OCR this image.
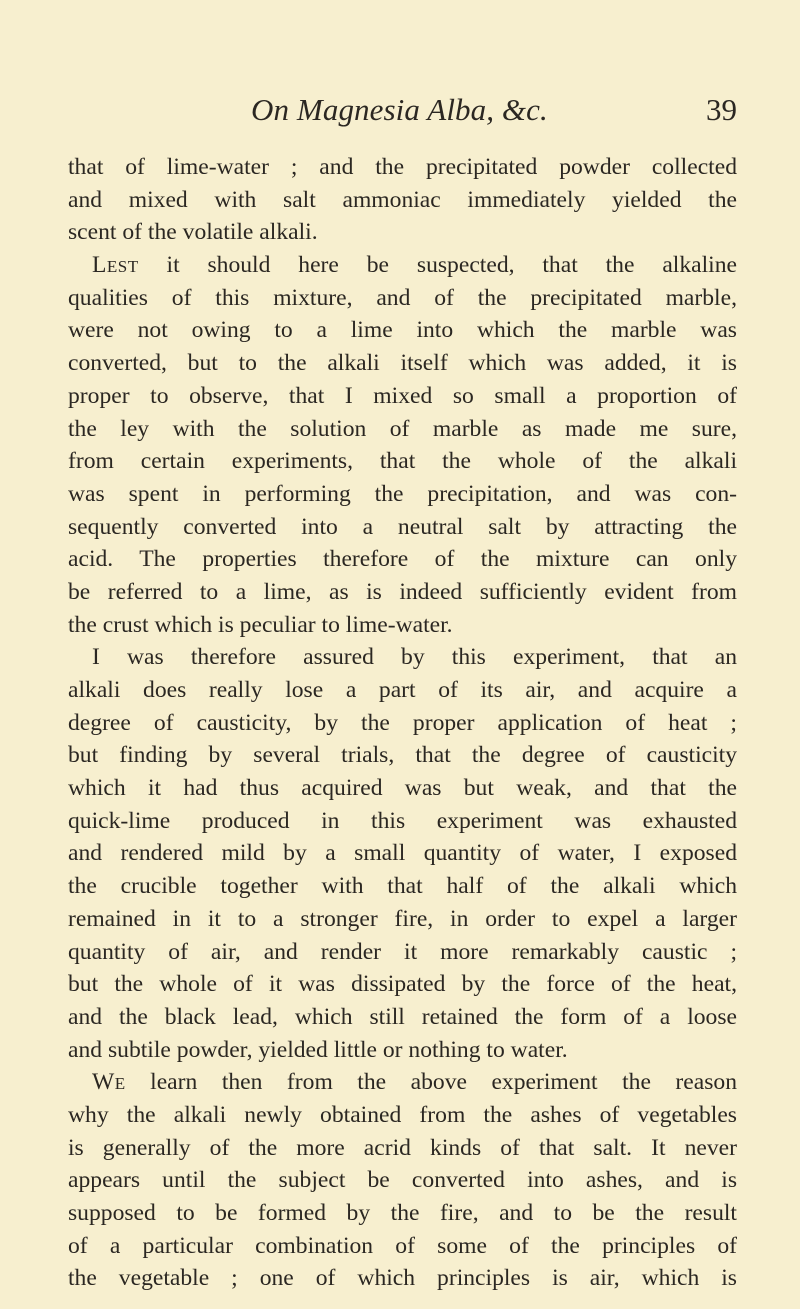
On Magnesia Alba, &c.	39
that of lime-water ; and the precipitated powder collected
and mixed with salt ammoniac immediately yielded the
scent of the volatile alkali.
Lest it should here be suspected, that the alkaline
qualities of this mixture, and of the precipitated marble,
were not owing to a lime into which the marble was
converted, but to the alkali itself which was added, it is
proper to observe, that I mixed so small a proportion of
the ley with the solution of marble as made me sure,
from certain experiments, that the whole of the alkali
was spent in performing the precipitation, and was con-
sequently converted into a neutral salt by attracting the
acid. The properties therefore of the mixture can only
be referred to a lime, as is indeed sufficiently evident from
the crust which is peculiar to lime-water.
I was therefore assured by this experiment, that an
alkali does really lose a part of its air, and acquire a
degree of causticity, by the proper application of heat ;
but finding by several trials, that the degree of causticity
which it had thus acquired was but weak, and that the
quick-lime produced in this experiment was exhausted
and rendered mild by a small quantity of water, I exposed
the crucible together with that half of the alkali which
remained in it to a stronger fire, in order to expel a larger
quantity of air, and render it more remarkably caustic ;
but the whole of it was dissipated by the force of the heat,
and the black lead, which still retained the form of a loose
and subtile powder, yielded little or nothing to water.
We learn then from the above experiment the reason
why the alkali newly obtained from the ashes of vegetables
is generally of the more acrid kinds of that salt. It never
appears until the subject be converted into ashes, and is
supposed to be formed by the fire, and to be the result
of a particular combination of some of the principles of
the vegetable ; one of which principles is air, which is
